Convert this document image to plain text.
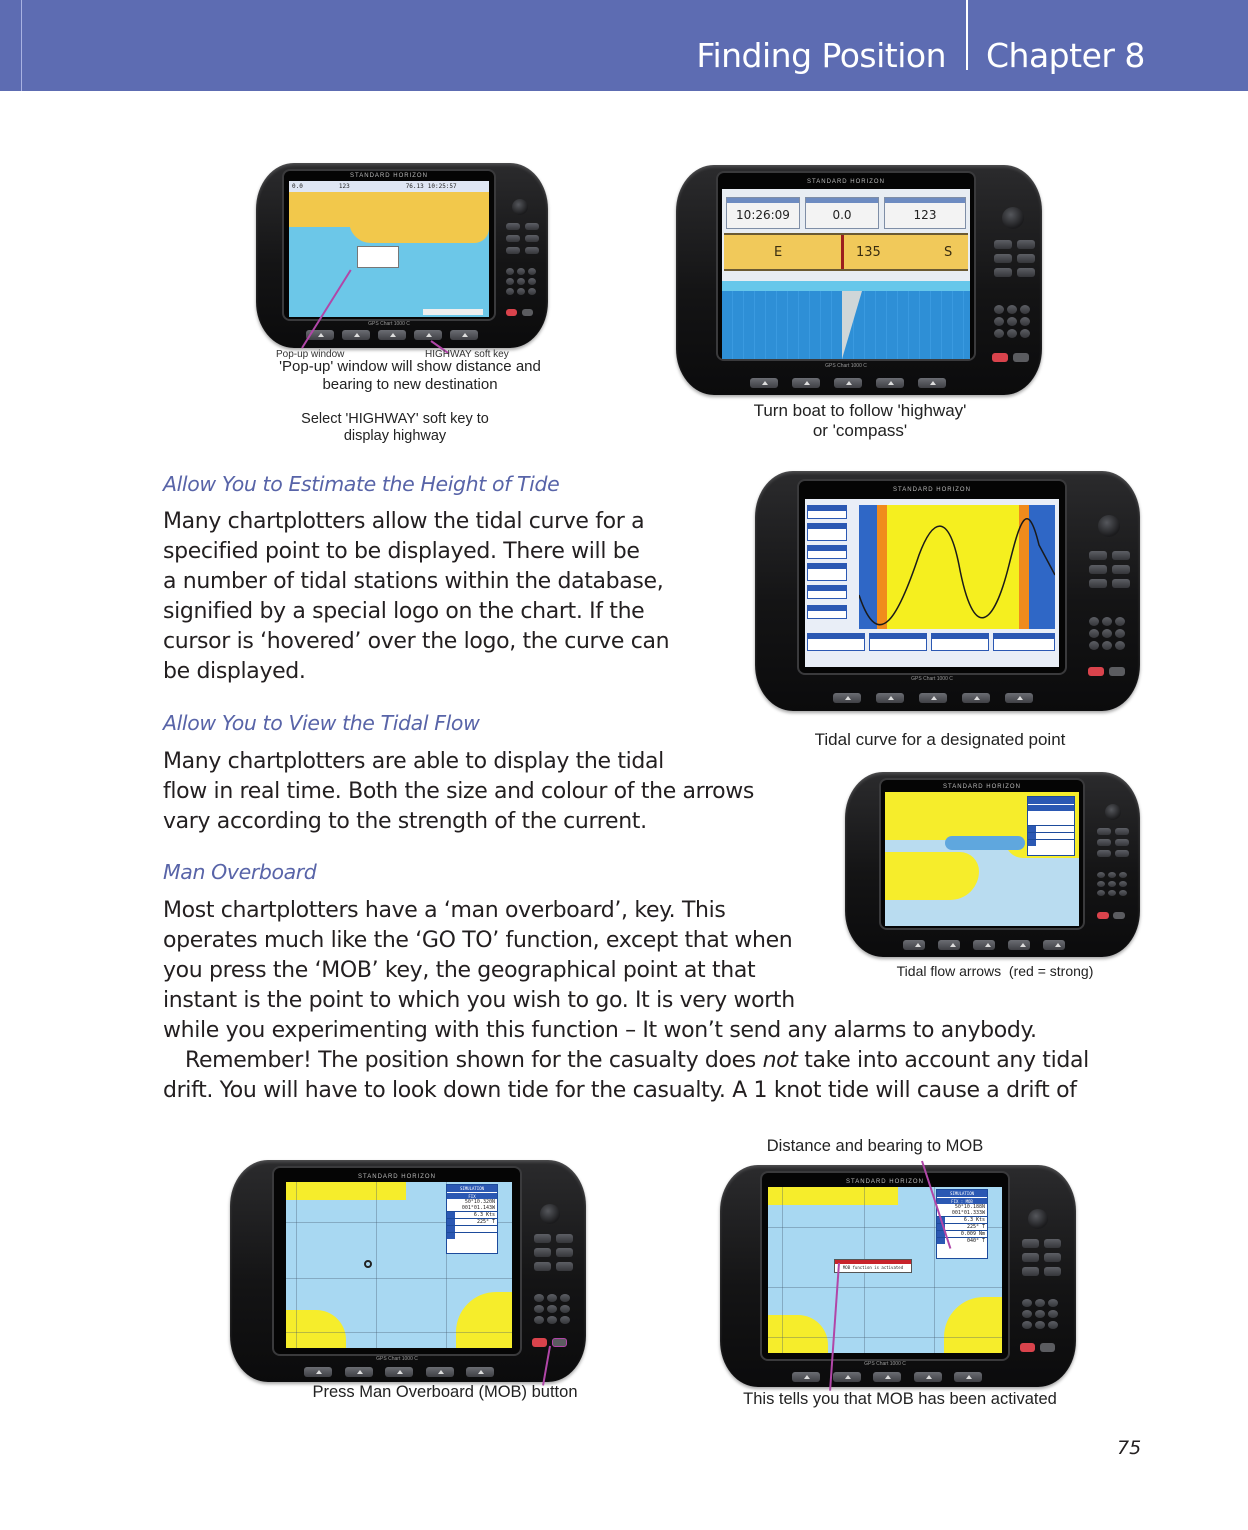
Finding Position Chapter 8
STANDARD HORIZON
0.0	123	76.13 10:25:57
GPS Chart 1000 C
Pop-up window	HIGHWAY soft key
'Pop-up' window will show distance and
bearing to new destination
Select 'HIGHWAY' soft key to
display highway
STANDARD HORIZON
10:26:09	0.0	123
E	135	S
GPS Chart 1000 C
Turn boat to follow 'highway'
or 'compass'
Allow You to Estimate the Height of Tide
Many chartplotters allow the tidal curve for a
specified point to be displayed. There will be
a number of tidal stations within the database,
signified by a special logo on the chart. If the
cursor is ‘hovered’ over the logo, the curve can
be displayed.
STANDARD HORIZON
GPS Chart 1000 C
Tidal curve for a designated point
Allow You to View the Tidal Flow
Many chartplotters are able to display the tidal
flow in real time. Both the size and colour of the arrows
vary according to the strength of the current.
STANDARD HORIZON
Tidal flow arrows  (red = strong)
Man Overboard
Most chartplotters have a ‘man overboard’, key. This
operates much like the ‘GO TO’ function, except that when
you press the ‘MOB’ key, the geographical point at that
instant is the point to which you wish to go. It is very worth
while you experimenting with this function – It won’t send any alarms to anybody.
Remember! The position shown for the casualty does not take into account any tidal
drift. You will have to look down tide for the casualty. A 1 knot tide will cause a drift of
STANDARD HORIZON
SIMULATION
FIX
50°10.320N
001°01.143W
6.3 Kts
225° T
GPS Chart 1000 C
Press Man Overboard (MOB) button
Distance and bearing to MOB
STANDARD HORIZON
MOB function is activated
SIMULATION
FIX : MOB
50°10.188N
001°01.333W
6.3 Kts
225° T
0.009 Nm
040° T
GPS Chart 1000 C
This tells you that MOB has been activated
75
